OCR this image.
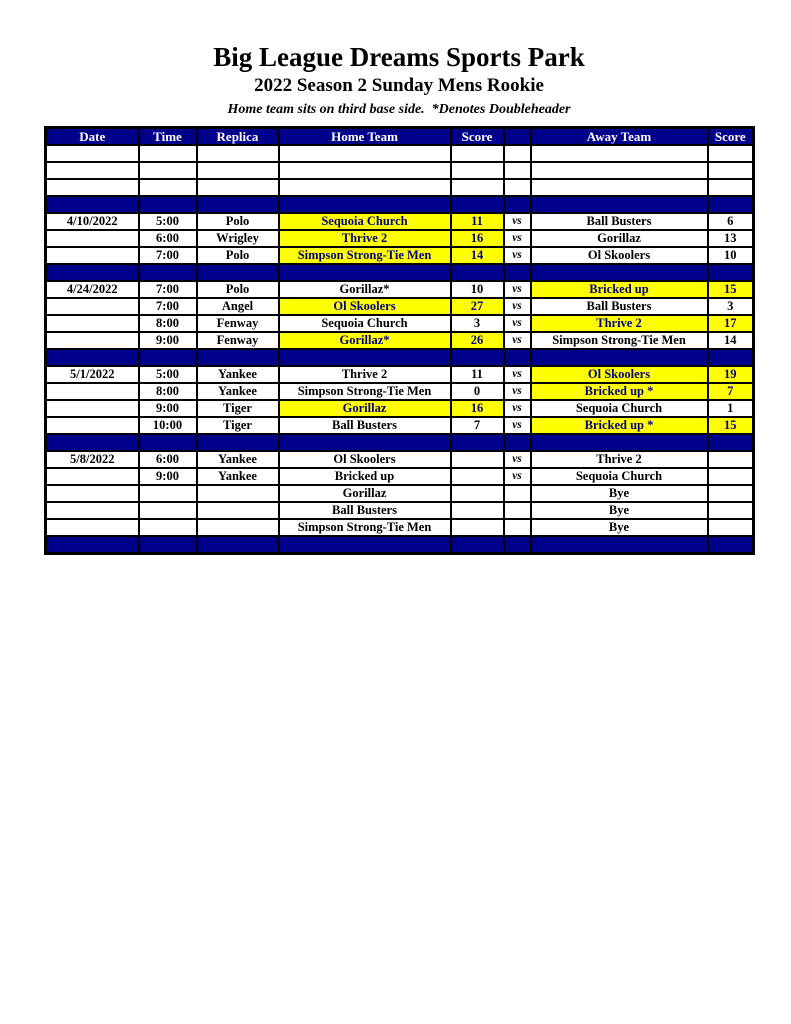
Big League Dreams Sports Park
2022 Season 2 Sunday Mens Rookie
Home team sits on third base side.  *Denotes Doubleheader
Date	Time	Replica	Home Team	Score		Away Team	Score

4/10/2022	5:00	Polo	Sequoia Church	11	vs	Ball Busters	6
	6:00	Wrigley	Thrive 2	16	vs	Gorillaz	13
	7:00	Polo	Simpson Strong-Tie Men	14	vs	Ol Skoolers	10

4/24/2022	7:00	Polo	Gorillaz*	10	vs	Bricked up	15
	7:00	Angel	Ol Skoolers	27	vs	Ball Busters	3
	8:00	Fenway	Sequoia Church	3	vs	Thrive 2	17
	9:00	Fenway	Gorillaz*	26	vs	Simpson Strong-Tie Men	14

5/1/2022	5:00	Yankee	Thrive 2	11	vs	Ol Skoolers	19
	8:00	Yankee	Simpson Strong-Tie Men	0	vs	Bricked up *	7
	9:00	Tiger	Gorillaz	16	vs	Sequoia Church	1
	10:00	Tiger	Ball Busters	7	vs	Bricked up *	15

5/8/2022	6:00	Yankee	Ol Skoolers		vs	Thrive 2	
	9:00	Yankee	Bricked up		vs	Sequoia Church	
			Gorillaz			Bye	
			Ball Busters			Bye	
			Simpson Strong-Tie Men			Bye	
